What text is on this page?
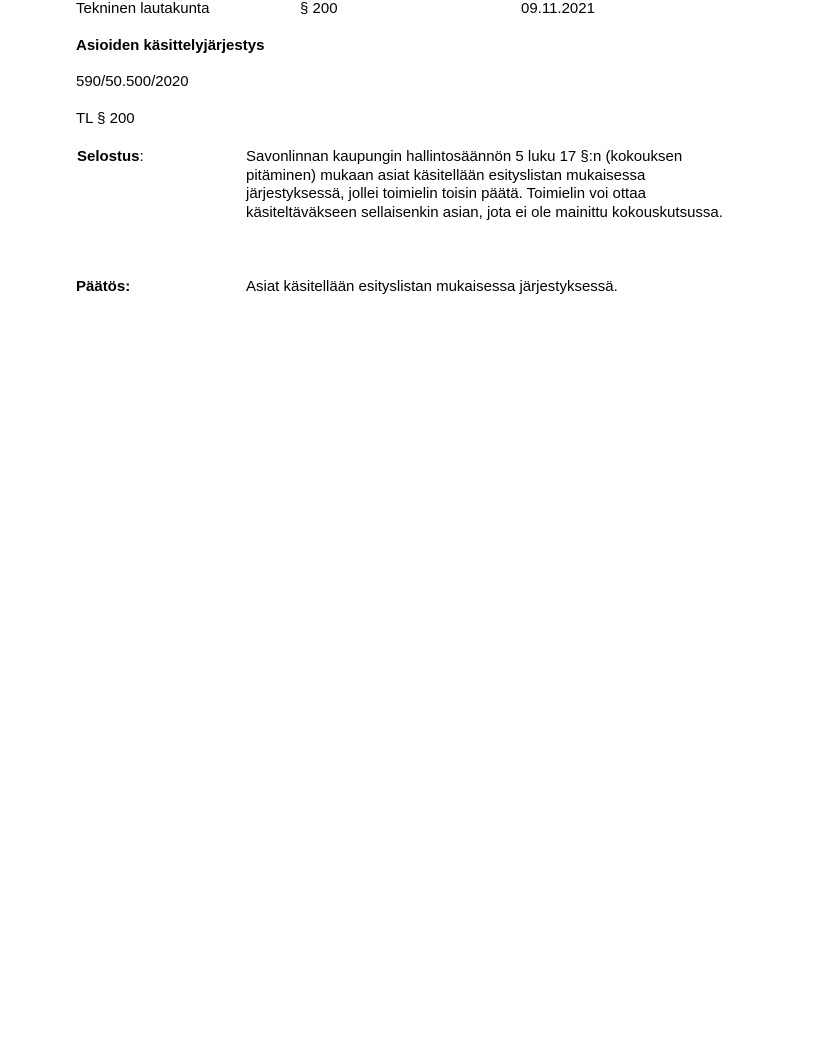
Tekninen lautakunta	§ 200	09.11.2021
Asioiden käsittelyjärjestys
590/50.500/2020
TL § 200
Selostus:	Savonlinnan kaupungin hallintosäännön 5 luku 17 §:n (kokouksen pitäminen) mukaan asiat käsitellään esityslistan mukaisessa järjestyksessä, jollei toimielin toisin päätä. Toimielin voi ottaa käsiteltäväkseen sellaisenkin asian, jota ei ole mainittu kokouskutsussa.
Päätös:	Asiat käsitellään esityslistan mukaisessa järjestyksessä.
